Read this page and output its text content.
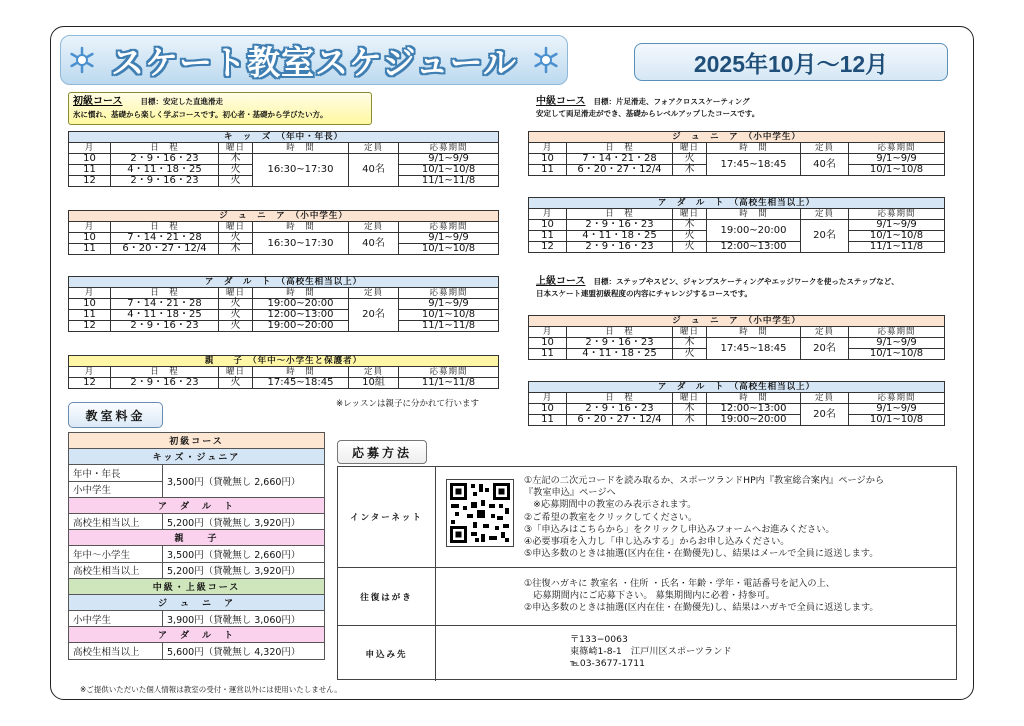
スケート教室スケジュール	2025年10月～12月
初級コース 目標：安定した直進滑走
氷に慣れ、基礎から楽しく学ぶコースです。初心者・基礎から学びたい方。
キ　ッ　ズ　（年中・年長）					
月	日　程	曜日	時　間	定員	応募期間
10	2・9・16・23	木	16:30~17:30	40名	9/1~9/9
11	4・11・18・25	火			10/1~10/8
12	2・9・16・23	火			11/1~11/8
ジ　ュ　ニ　ア　（小中学生）					
月	日　程	曜日	時　間	定員	応募期間
10	7・14・21・28	火	16:30~17:30	40名	9/1~9/9
11	6・20・27・12/4	木			10/1~10/8
ア　ダ　ル　ト　（高校生相当以上）					
月	日　程	曜日	時　間	定員	応募期間
10	7・14・21・28	火	19:00~20:00	20名	9/1~9/9
11	4・11・18・25	火	12:00~13:00		10/1~10/8
12	2・9・16・23	火	19:00~20:00		11/1~11/8
親　　子　（年中～小学生と保護者）					
月	日　程	曜日	時　間	定員	応募期間
12	2・9・16・23	火	17:45~18:45	10組	11/1~11/8
※レッスンは親子に分かれて行います
中級コース 目標：片足滑走、フォアクロススケーティング
安定して両足滑走ができ、基礎からレベルアップしたコースです。
ジ　ュ　ニ　ア　（小中学生）					
月	日　程	曜日	時　間	定員	応募期間
10	7・14・21・28	火	17:45~18:45	40名	9/1~9/9
11	6・20・27・12/4	木			10/1~10/8
ア　ダ　ル　ト　（高校生相当以上）					
月	日　程	曜日	時　間	定員	応募期間
10	2・9・16・23	木	19:00~20:00	20名	9/1~9/9
11	4・11・18・25	火			10/1~10/8
12	2・9・16・23	火	12:00~13:00		11/1~11/8
上級コース 目標：ステップやスピン、ジャンプスケーティングやエッジワークを使ったステップなど、
日本スケート連盟初級程度の内容にチャレンジするコースです。
ジ　ュ　ニ　ア　（小中学生）					
月	日　程	曜日	時　間	定員	応募期間
10	2・9・16・23	木	17:45~18:45	20名	9/1~9/9
11	4・11・18・25	火			10/1~10/8
ア　ダ　ル　ト　（高校生相当以上）					
月	日　程	曜日	時　間	定員	応募期間
10	2・9・16・23	木	12:00~13:00	20名	9/1~9/9
11	6・20・27・12/4	木	19:00~20:00		10/1~10/8
教室料金
初級コース	
キッズ・ジュニア	
年中・年長	3,500円（貸靴無し 2,660円）
小中学生	
ア　ダ　ル　ト	
高校生相当以上	5,200円（貸靴無し 3,920円）
親　　子	
年中～小学生	3,500円（貸靴無し 2,660円）
高校生相当以上	5,200円（貸靴無し 3,920円）
中級・上級コース	
ジ　ュ　ニ　ア	
小中学生	3,900円（貸靴無し 3,060円）
ア　ダ　ル　ト	
高校生相当以上	5,600円（貸靴無し 4,320円）
※ご提供いただいた個人情報は教室の受付・運営以外には使用いたしません。
応募方法
インターネット
①左記の二次元コードを読み取るか、スポーツランドHP内『教室総合案内』ページから
『教室申込』ページへ
　※応募期間中の教室のみ表示されます。
②ご希望の教室をクリックしてください。
③「申込みはこちらから」をクリックし申込みフォームへお進みください。
④必要事項を入力し「申し込みする」からお申し込みください。
⑤申込多数のときは抽選(区内在住・在勤優先)し、結果はメールで全員に返送します。
往復はがき
①往復ハガキに 教室名 ・住所 ・氏名・年齢・学年・電話番号を記入の上、
　応募期間内にご応募下さい。 募集期間内に必着・持参可。
②申込多数のときは抽選(区内在住・在勤優先)し、結果はハガキで全員に返送します。
申込み先
〒133−0063
東篠崎1-8-1　江戸川区スポーツランド
℡03-3677-1711
